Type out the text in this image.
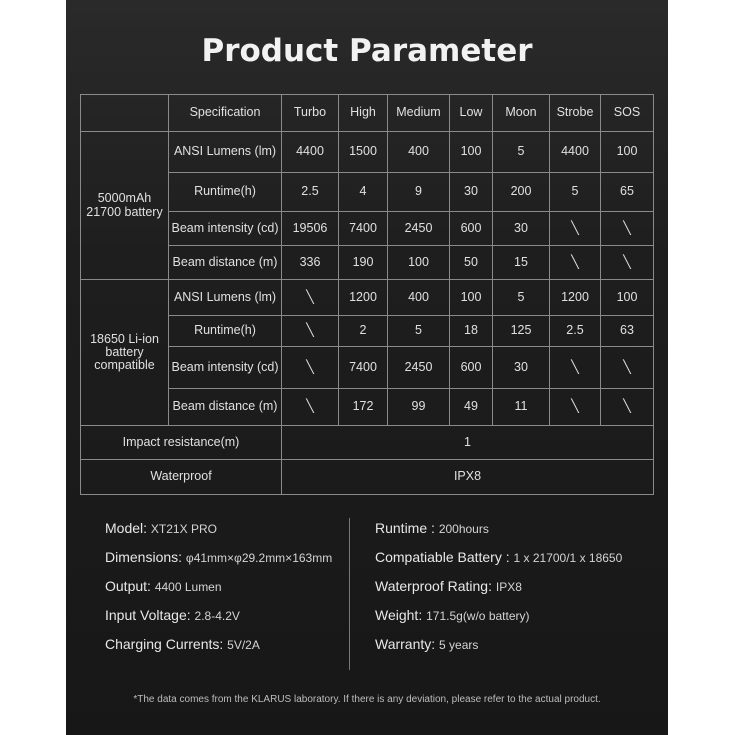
Product Parameter
	Specification	Turbo	High	Medium	Low	Moon	Strobe	SOS
5000mAh 21700 battery	ANSI Lumens (lm)	4400	1500	400	100	5	4400	100
	Runtime(h)	2.5	4	9	30	200	5	65
	Beam intensity (cd)	19506	7400	2450	600	30	╲	╲
	Beam distance (m)	336	190	100	50	15	╲	╲
18650 Li-ion battery compatible	ANSI Lumens (lm)	╲	1200	400	100	5	1200	100
	Runtime(h)	╲	2	5	18	125	2.5	63
	Beam intensity (cd)	╲	7400	2450	600	30	╲	╲
	Beam distance (m)	╲	172	99	49	11	╲	╲
Impact resistance(m)		1						
Waterproof		IPX8						
Model: XT21X PRO
Dimensions: φ41mm×φ29.2mm×163mm
Output: 4400 Lumen
Input Voltage: 2.8-4.2V
Charging Currents: 5V/2A
Runtime : 200hours
Compatiable Battery : 1 x 21700/1 x 18650
Waterproof Rating: IPX8
Weight: 171.5g(w/o battery)
Warranty: 5 years
*The data comes from the KLARUS laboratory. If there is any deviation, please refer to the actual product.
